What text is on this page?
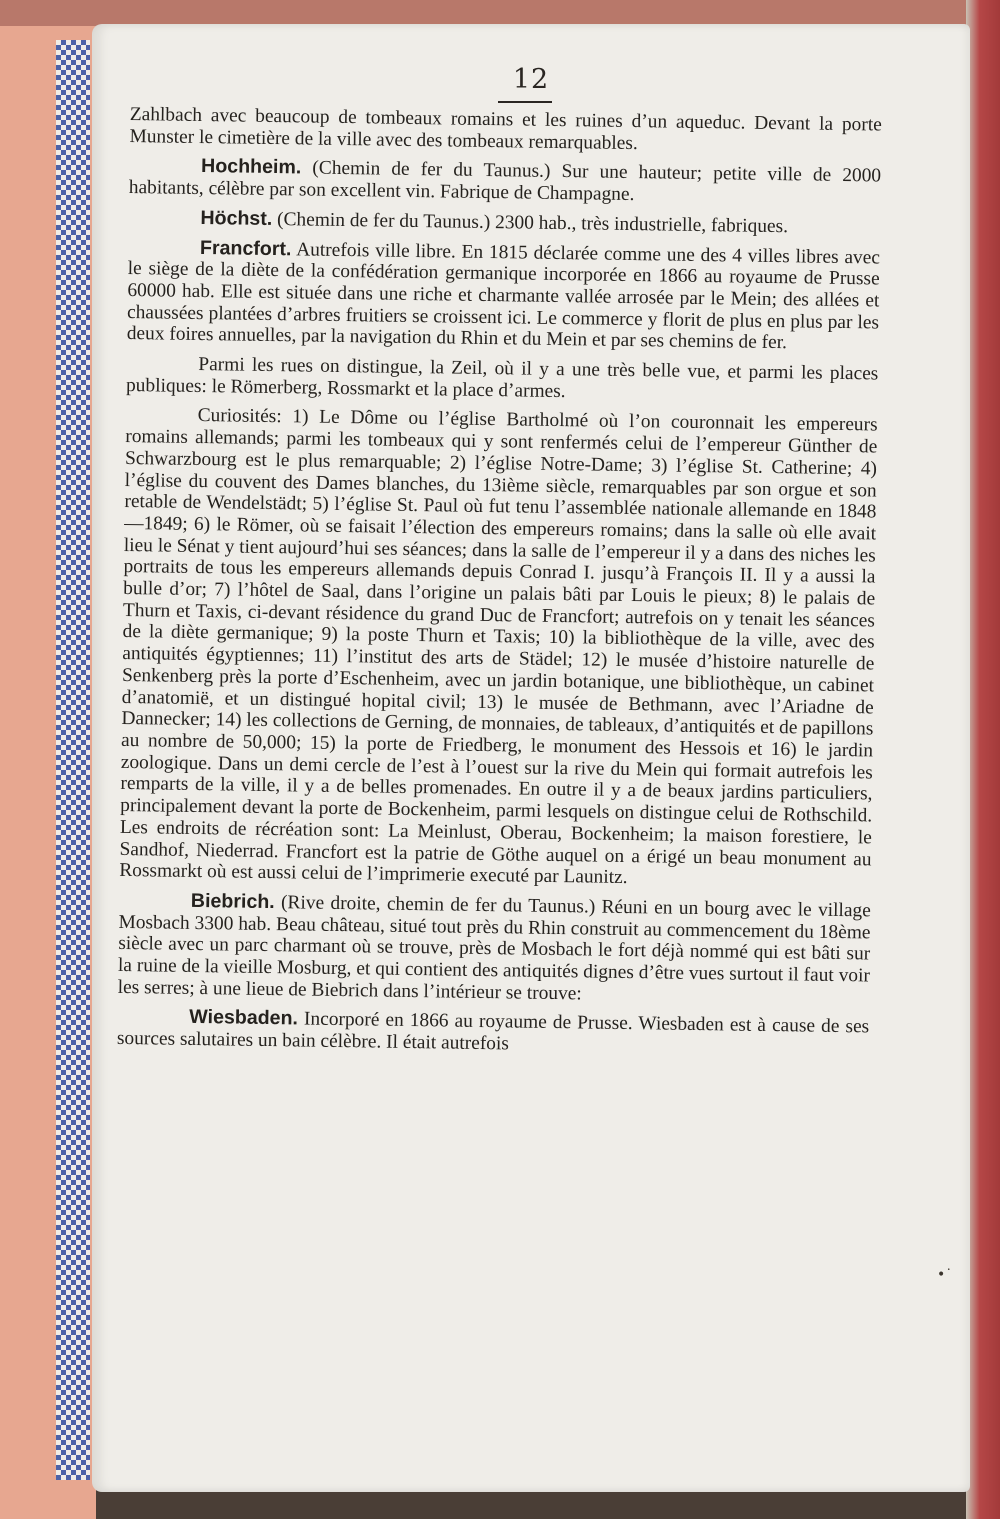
12

Zahlbach avec beaucoup de tombeaux romains et les ruines d’un aqueduc. Devant la porte Munster le cimetière de la ville avec des tombeaux remarquables.

Hochheim. (Chemin de fer du Taunus.) Sur une hauteur; petite ville de 2000 habitants, célèbre par son excellent vin. Fabrique de Champagne.

Höchst. (Chemin de fer du Taunus.) 2300 hab., très industrielle, fabriques.

Francfort. Autrefois ville libre. En 1815 déclarée comme une des 4 villes libres avec le siège de la diète de la confédération germanique incorporée en 1866 au royaume de Prusse 60000 hab. Elle est située dans une riche et charmante vallée arrosée par le Mein; des allées et chaussées plantées d’arbres fruitiers se croissent ici. Le commerce y florit de plus en plus par les deux foires annuelles, par la navigation du Rhin et du Mein et par ses chemins de fer.

Parmi les rues on distingue, la Zeil, où il y a une très belle vue, et parmi les places publiques: le Römerberg, Rossmarkt et la place d’armes.

Curiosités: 1) Le Dôme ou l’église Bartholmé où l’on couronnait les empereurs romains allemands; parmi les tombeaux qui y sont renfermés celui de l’empereur Günther de Schwarzbourg est le plus remarquable; 2) l’église Notre-Dame; 3) l’église St. Catherine; 4) l’église du couvent des Dames blanches, du 13ième siècle, remarquables par son orgue et son retable de Wendelstädt; 5) l’église St. Paul où fut tenu l’assemblée nationale allemande en 1848—1849; 6) le Römer, où se faisait l’élection des empereurs romains; dans la salle où elle avait lieu le Sénat y tient aujourd’hui ses séances; dans la salle de l’empereur il y a dans des niches les portraits de tous les empereurs allemands depuis Conrad I. jusqu’à François II. Il y a aussi la bulle d’or; 7) l’hôtel de Saal, dans l’origine un palais bâti par Louis le pieux; 8) le palais de Thurn et Taxis, ci-devant résidence du grand Duc de Francfort; autrefois on y tenait les séances de la diète germanique; 9) la poste Thurn et Taxis; 10) la bibliothèque de la ville, avec des antiquités égyptiennes; 11) l’institut des arts de Städel; 12) le musée d’histoire naturelle de Senkenberg près la porte d’Eschenheim, avec un jardin botanique, une bibliothèque, un cabinet d’anatomië, et un distingué hopital civil; 13) le musée de Bethmann, avec l’Ariadne de Dannecker; 14) les collections de Gerning, de monnaies, de tableaux, d’antiquités et de papillons au nombre de 50,000; 15) la porte de Friedberg, le monument des Hessois et 16) le jardin zoologique. Dans un demi cercle de l’est à l’ouest sur la rive du Mein qui formait autrefois les remparts de la ville, il y a de belles promenades. En outre il y a de beaux jardins particuliers, principalement devant la porte de Bockenheim, parmi lesquels on distingue celui de Rothschild. Les endroits de récréation sont: La Meinlust, Oberau, Bockenheim; la maison forestiere, le Sandhof, Niederrad. Francfort est la patrie de Göthe auquel on a érigé un beau monument au Rossmarkt où est aussi celui de l’imprimerie executé par Launitz.

Biebrich. (Rive droite, chemin de fer du Taunus.) Réuni en un bourg avec le village Mosbach 3300 hab. Beau château, situé tout près du Rhin construit au commencement du 18ème siècle avec un parc charmant où se trouve, près de Mosbach le fort déjà nommé qui est bâti sur la ruine de la vieille Mosburg, et qui contient des antiquités dignes d’être vues surtout il faut voir les serres; à une lieue de Biebrich dans l’intérieur se trouve:

Wiesbaden. Incorporé en 1866 au royaume de Prusse. Wiesbaden est à cause de ses sources salutaires un bain célèbre. Il était autrefois

•˙
